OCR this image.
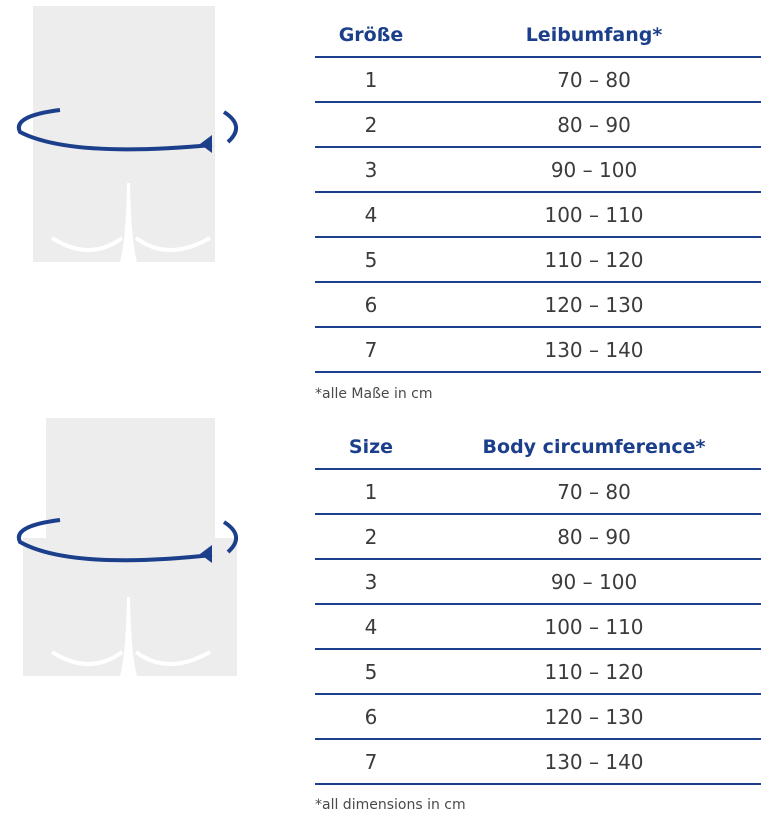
Größe	Leibumfang*
1	70 – 80
2	80 – 90
3	90 – 100
4	100 – 110
5	110 – 120
6	120 – 130
7	130 – 140
*alle Maße in cm
Size	Body circumference*
1	70 – 80
2	80 – 90
3	90 – 100
4	100 – 110
5	110 – 120
6	120 – 130
7	130 – 140
*all dimensions in cm
